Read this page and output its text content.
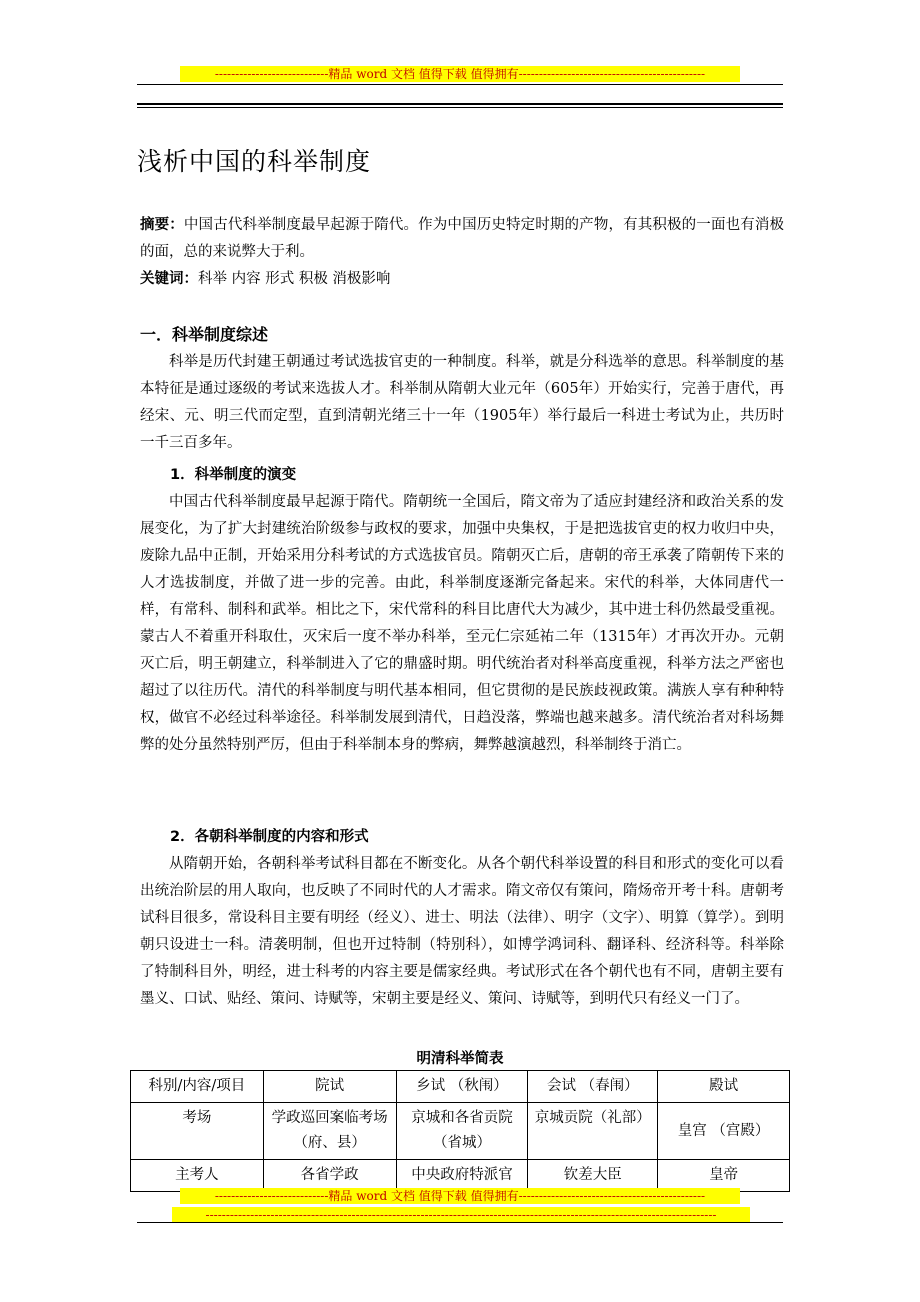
----------------------------精品 word 文档 值得下载 值得拥有----------------------------------------------
浅析中国的科举制度
摘要：中国古代科举制度最早起源于隋代。作为中国历史特定时期的产物，有其积极的一面也有消极的面，总的来说弊大于利。
关键词：科举 内容 形式 积极 消极影响
一．科举制度综述
科举是历代封建王朝通过考试选拔官吏的一种制度。科举，就是分科选举的意思。科举制度的基本特征是通过逐级的考试来选拔人才。科举制从隋朝大业元年（605年）开始实行，完善于唐代，再经宋、元、明三代而定型，直到清朝光绪三十一年（1905年）举行最后一科进士考试为止，共历时一千三百多年。
1．科举制度的演变
中国古代科举制度最早起源于隋代。隋朝统一全国后，隋文帝为了适应封建经济和政治关系的发展变化，为了扩大封建统治阶级参与政权的要求，加强中央集权，于是把选拔官吏的权力收归中央，废除九品中正制，开始采用分科考试的方式选拔官员。隋朝灭亡后，唐朝的帝王承袭了隋朝传下来的人才选拔制度，并做了进一步的完善。由此，科举制度逐渐完备起来。宋代的科举，大体同唐代一样，有常科、制科和武举。相比之下，宋代常科的科目比唐代大为减少，其中进士科仍然最受重视。蒙古人不着重开科取仕，灭宋后一度不举办科举，至元仁宗延祐二年（1315年）才再次开办。元朝灭亡后，明王朝建立，科举制进入了它的鼎盛时期。明代统治者对科举高度重视，科举方法之严密也超过了以往历代。清代的科举制度与明代基本相同，但它贯彻的是民族歧视政策。满族人享有种种特权，做官不必经过科举途径。科举制发展到清代，日趋没落，弊端也越来越多。清代统治者对科场舞弊的处分虽然特别严厉，但由于科举制本身的弊病，舞弊越演越烈，科举制终于消亡。
2．各朝科举制度的内容和形式
从隋朝开始，各朝科举考试科目都在不断变化。从各个朝代科举设置的科目和形式的变化可以看出统治阶层的用人取向，也反映了不同时代的人才需求。隋文帝仅有策问，隋炀帝开考十科。唐朝考试科目很多，常设科目主要有明经（经义）、进士、明法（法律）、明字（文字）、明算（算学）。到明朝只设进士一科。清袭明制，但也开过特制（特别科），如博学鸿词科、翻译科、经济科等。科举除了特制科目外，明经，进士科考的内容主要是儒家经典。考试形式在各个朝代也有不同，唐朝主要有墨义、口试、贴经、策问、诗赋等，宋朝主要是经义、策问、诗赋等，到明代只有经义一门了。
明清科举简表
科别/内容/项目	院试	乡试 （秋闱）	会试 （春闱）	殿试
考场	学政巡回案临考场（府、县）	京城和各省贡院（省城）	京城贡院（礼部）	皇宫 （宫殿）
主考人	各省学政	中央政府特派官	钦差大臣	皇帝
----------------------------精品 word 文档 值得下载 值得拥有----------------------------------------------
------------------------------------------------------------------------------------------------------------------------------
